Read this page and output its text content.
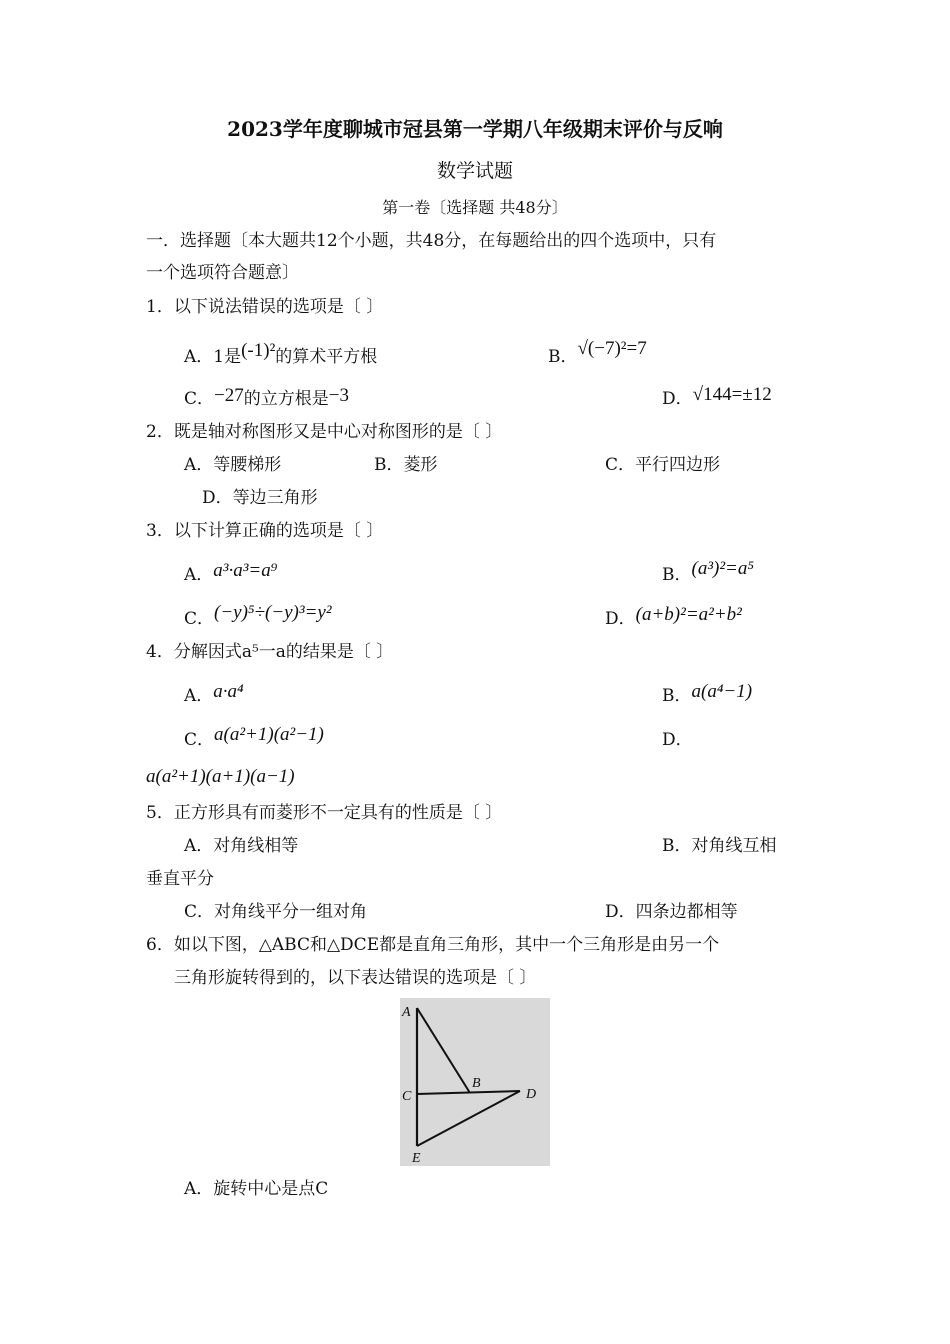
2023学年度聊城市冠县第一学期八年级期末评价与反响
数学试题
第一卷〔选择题 共48分〕
一．选择题〔本大题共12个小题，共48分，在每题给出的四个选项中，只有
一个选项符合题意〕
1．以下说法错误的选项是〔 〕
A．1是(-1)²的算术平方根	B．√(−7)²=7
C．−27的立方根是−3	D．√144=±12
2．既是轴对称图形又是中心对称图形的是〔 〕
A．等腰梯形	B．菱形	C．平行四边形
D．等边三角形
3．以下计算正确的选项是〔 〕
A．a³·a³=a⁹	B．(a³)²=a⁵
C．(−y)⁵÷(−y)³=y²	D．(a+b)²=a²+b²
4．分解因式a⁵一a的结果是〔 〕
A．a·a⁴	B．a(a⁴−1)
C．a(a²+1)(a²−1)	D．
a(a²+1)(a+1)(a−1)
5．正方形具有而菱形不一定具有的性质是〔 〕
A．对角线相等	B．对角线互相
垂直平分
C．对角线平分一组对角	D．四条边都相等
6．如以下图，△ABC和△DCE都是直角三角形，其中一个三角形是由另一个
三角形旋转得到的，以下表达错误的选项是〔 〕
A
B
C	D
E
A．旋转中心是点C
